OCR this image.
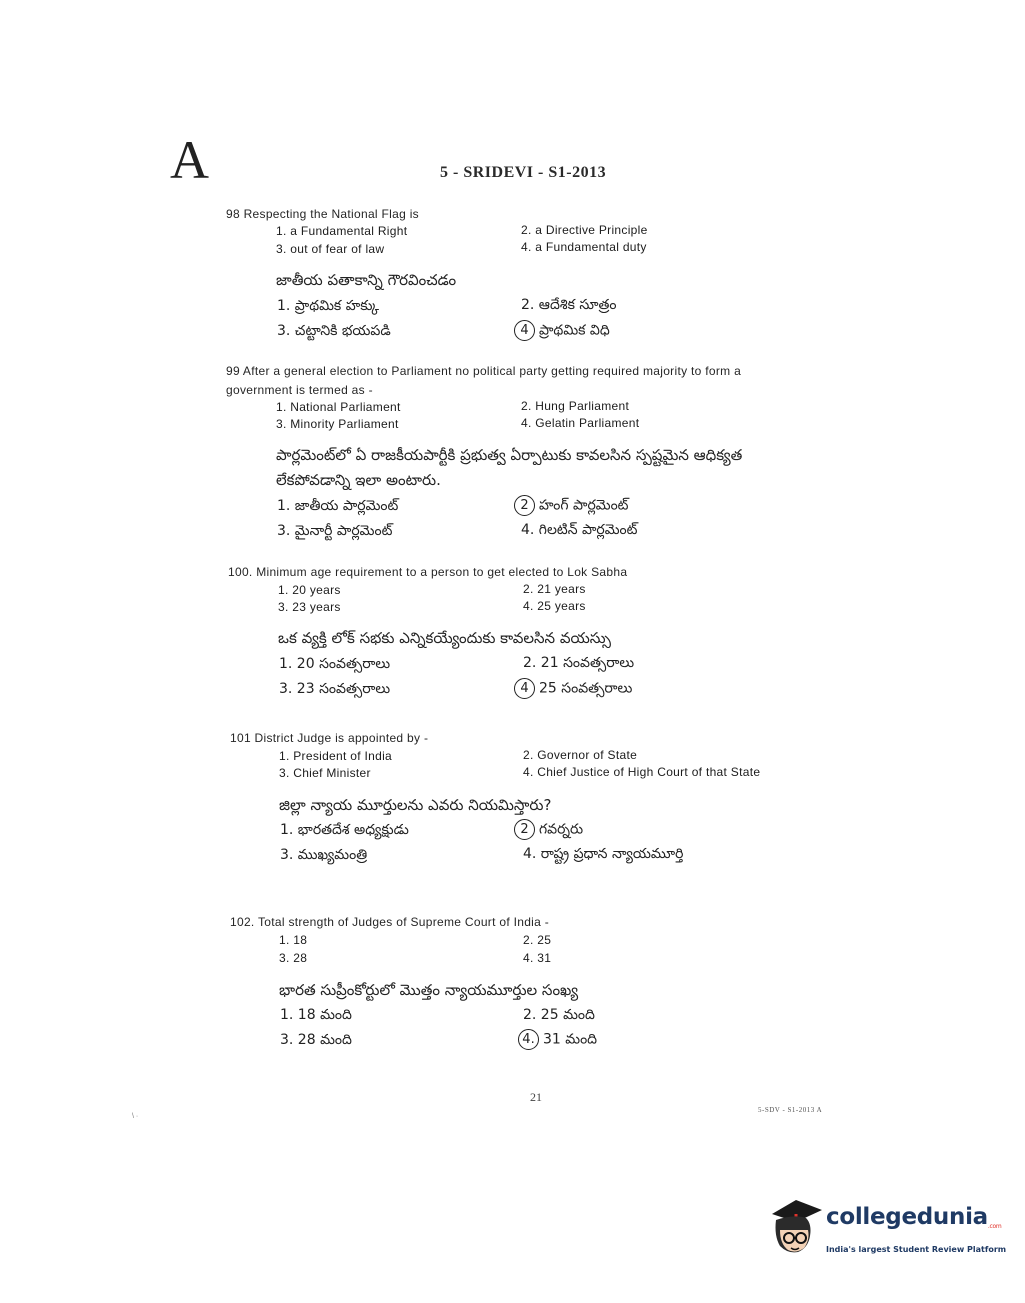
A	5 - SRIDEVI - S1-2013
98 Respecting the National Flag is
1. a Fundamental Right	2. a Directive Principle
3. out of fear of law	4. a Fundamental duty
జాతీయ పతాకాన్ని గౌరవించడం
1. ప్రాథమిక హక్కు	2. ఆదేశిక సూత్రం
3. చట్టానికి భయపడి	4 ప్రాథమిక విధి
99 After a general election to Parliament no political party getting required majority to form a
government is termed as -
1. National Parliament	2. Hung Parliament
3. Minority Parliament	4. Gelatin Parliament
పార్లమెంట్‌లో ఏ రాజకీయపార్టీకి ప్రభుత్వ ఏర్పాటుకు కావలసిన స్పష్టమైన ఆధిక్యత
లేకపోవడాన్ని ఇలా అంటారు.
1. జాతీయ పార్లమెంట్	2 హంగ్ పార్లమెంట్
3. మైనార్టీ పార్లమెంట్	4. గిలటిన్ పార్లమెంట్
100. Minimum age requirement to a person to get elected to Lok Sabha
1. 20 years	2. 21 years
3. 23 years	4. 25 years
ఒక వ్యక్తి లోక్ సభకు ఎన్నికయ్యేందుకు కావలసిన వయస్సు
1. 20 సంవత్సరాలు	2. 21 సంవత్సరాలు
3. 23 సంవత్సరాలు	4 25 సంవత్సరాలు
101 District Judge is appointed by -
1. President of India	2. Governor of State
3. Chief Minister	4. Chief Justice of High Court of that State
జిల్లా న్యాయ మూర్తులను ఎవరు నియమిస్తారు?
1. భారతదేశ అధ్యక్షుడు	2 గవర్నరు
3. ముఖ్యమంత్రి	4. రాష్ట్ర ప్రధాన న్యాయమూర్తి
102. Total strength of Judges of Supreme Court of India -
1. 18	2. 25
3. 28	4. 31
భారత సుప్రీంకోర్టులో మొత్తం న్యాయమూర్తుల సంఖ్య
1. 18 మంది	2. 25 మంది
3. 28 మంది	4. 31 మంది
21
5-SDV - S1-2013 A
\ ·
collegedunia.com
India's largest Student Review Platform
